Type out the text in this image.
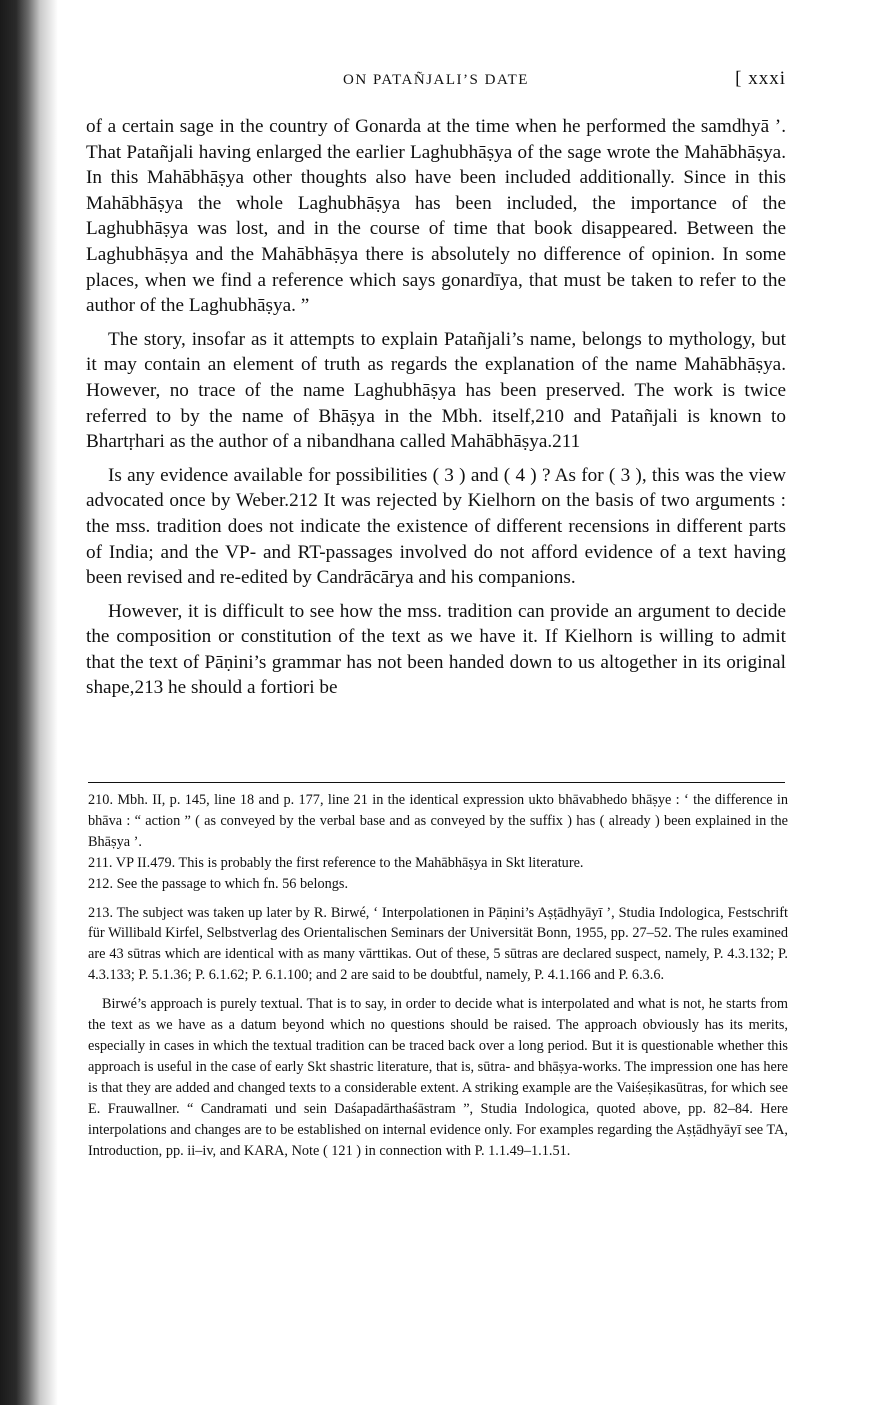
ON PATAÑJALI’S DATE	[ xxxi

of a certain sage in the country of Gonarda at the time when he performed the samdhyā ’. That Patañjali having enlarged the earlier Laghubhāṣya of the sage wrote the Mahābhāṣya. In this Mahābhāṣya other thoughts also have been included additionally. Since in this Mahābhāṣya the whole Laghubhāṣya has been included, the importance of the Laghubhāṣya was lost, and in the course of time that book disappeared. Between the Laghubhāṣya and the Mahābhāṣya there is absolutely no difference of opinion. In some places, when we find a reference which says gonardīya, that must be taken to refer to the author of the Laghubhāṣya. ”

The story, insofar as it attempts to explain Patañjali’s name, belongs to mythology, but it may contain an element of truth as regards the explanation of the name Mahābhāṣya. However, no trace of the name Laghubhāṣya has been preserved. The work is twice referred to by the name of Bhāṣya in the Mbh. itself,210 and Patañjali is known to Bhartṛhari as the author of a nibandhana called Mahābhāṣya.211

Is any evidence available for possibilities ( 3 ) and ( 4 ) ? As for ( 3 ), this was the view advocated once by Weber.212 It was rejected by Kielhorn on the basis of two arguments : the mss. tradition does not indicate the existence of different recensions in different parts of India; and the VP- and RT-passages involved do not afford evidence of a text having been revised and re-edited by Candrācārya and his companions.

However, it is difficult to see how the mss. tradition can provide an argument to decide the composition or constitution of the text as we have it. If Kielhorn is willing to admit that the text of Pāṇini’s grammar has not been handed down to us altogether in its original shape,213 he should a fortiori be

210. Mbh. II, p. 145, line 18 and p. 177, line 21 in the identical expression ukto bhāvabhedo bhāṣye : ‘ the difference in bhāva : “ action ” ( as conveyed by the verbal base and as conveyed by the suffix ) has ( already ) been explained in the Bhāṣya ’.

211. VP II.479. This is probably the first reference to the Mahābhāṣya in Skt literature.

212. See the passage to which fn. 56 belongs.

213. The subject was taken up later by R. Birwé, ‘ Interpolationen in Pāṇini’s Aṣṭādhyāyī ’, Studia Indologica, Festschrift für Willibald Kirfel, Selbstverlag des Orientalischen Seminars der Universität Bonn, 1955, pp. 27–52. The rules examined are 43 sūtras which are identical with as many vārttikas. Out of these, 5 sūtras are declared suspect, namely, P. 4.3.132; P. 4.3.133; P. 5.1.36; P. 6.1.62; P. 6.1.100; and 2 are said to be doubtful, namely, P. 4.1.166 and P. 6.3.6.

Birwé’s approach is purely textual. That is to say, in order to decide what is interpolated and what is not, he starts from the text as we have as a datum beyond which no questions should be raised. The approach obviously has its merits, especially in cases in which the textual tradition can be traced back over a long period. But it is questionable whether this approach is useful in the case of early Skt shastric literature, that is, sūtra- and bhāṣya-works. The impression one has here is that they are added and changed texts to a considerable extent. A striking example are the Vaiśeṣikasūtras, for which see E. Frauwallner. “ Candramati und sein Daśapadārthaśāstram ”, Studia Indologica, quoted above, pp. 82–84. Here interpolations and changes are to be established on internal evidence only. For examples regarding the Aṣṭādhyāyī see TA, Introduction, pp. ii–iv, and KARA, Note ( 121 ) in connection with P. 1.1.49–1.1.51.
